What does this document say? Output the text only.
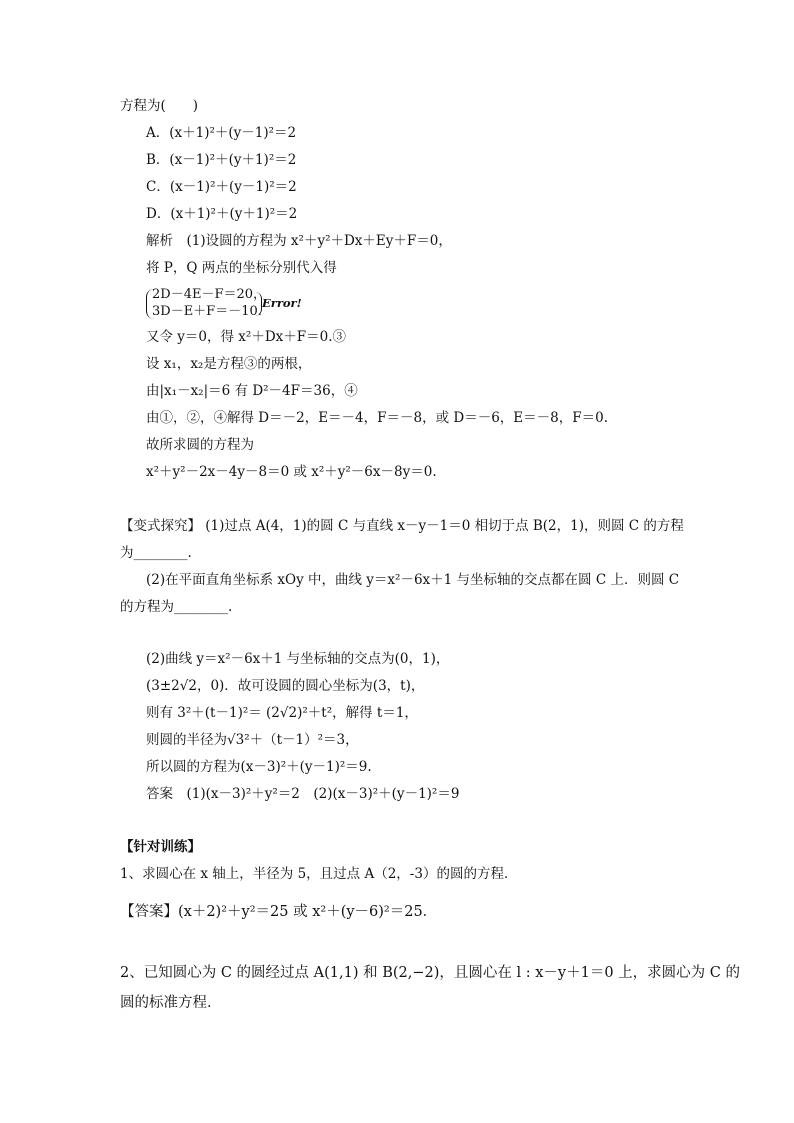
方程为(　　)
A．(x＋1)²＋(y－1)²＝2
B．(x－1)²＋(y＋1)²＝2
C．(x－1)²＋(y－1)²＝2
D．(x＋1)²＋(y＋1)²＝2
解析　(1)设圆的方程为 x²＋y²＋Dx＋Ey＋F＝0，
将 P，Q 两点的坐标分别代入得
2D－4E－F＝20，
3D－E＋F＝－10.
Error!
又令 y＝0，得 x²＋Dx＋F＝0.③
设 x₁，x₂是方程③的两根，
由|x₁－x₂|＝6 有 D²－4F＝36，④
由①，②，④解得 D＝－2，E＝－4，F＝－8，或 D＝－6，E＝－8，F＝0.
故所求圆的方程为
x²＋y²－2x－4y－8＝0 或 x²＋y²－6x－8y＝0.
【变式探究】 (1)过点 A(4，1)的圆 C 与直线 x－y－1＝0 相切于点 B(2，1)，则圆 C 的方程
为________.
(2)在平面直角坐标系 xOy 中，曲线 y＝x²－6x＋1 与坐标轴的交点都在圆 C 上．则圆 C
的方程为________.
(2)曲线 y＝x²－6x＋1 与坐标轴的交点为(0，1)，
(3±2√2，0)．故可设圆的圆心坐标为(3，t)，
则有 3²＋(t－1)²＝ (2√2)²＋t²，解得 t＝1，
则圆的半径为√3²＋（t－1）²＝3，
所以圆的方程为(x－3)²＋(y－1)²＝9.
答案　(1)(x－3)²＋y²＝2　(2)(x－3)²＋(y－1)²＝9
【针对训练】
1、求圆心在 x 轴上，半径为 5，且过点 A（2，-3）的圆的方程．
【答案】(x＋2)²＋y²＝25 或 x²＋(y－6)²＝25．
2、已知圆心为 C 的圆经过点 A(1,1) 和 B(2,−2)，且圆心在 l : x－y＋1＝0 上，求圆心为 C 的
圆的标准方程．
